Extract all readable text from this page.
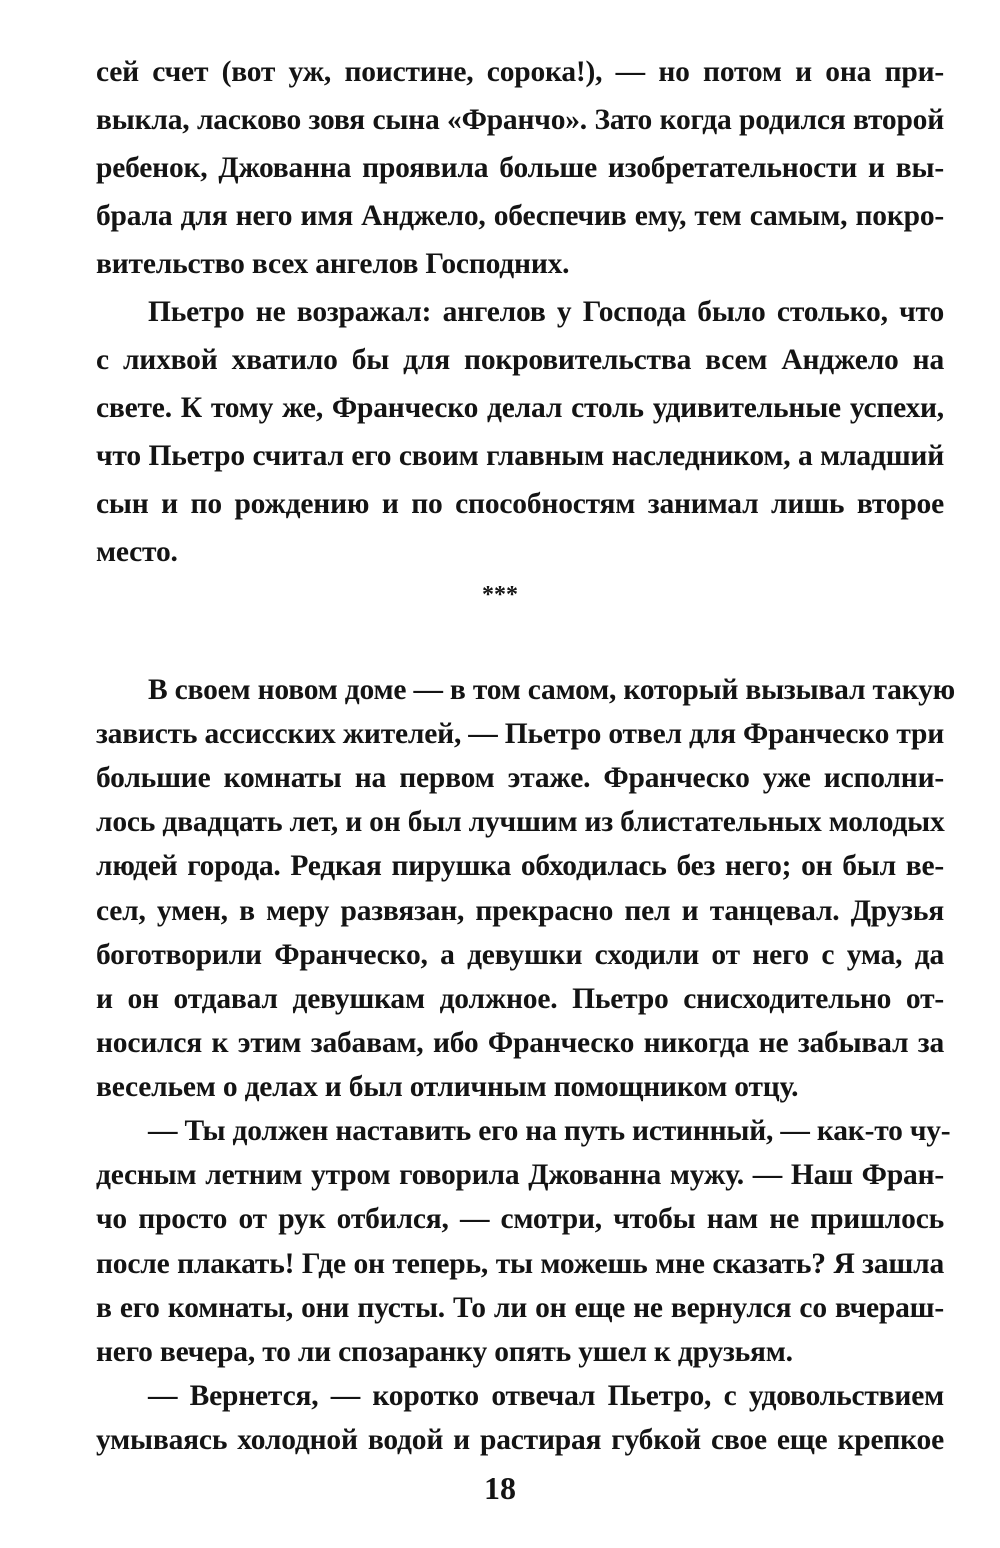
сей счет (вот уж, поистине, сорока!), — но потом и она при-
выкла, ласково зовя сына «Франчо». Зато когда родился второй
ребенок, Джованна проявила больше изобретательности и вы-
брала для него имя Анджело, обеспечив ему, тем самым, покро-
вительство всех ангелов Господних.
Пьетро не возражал: ангелов у Господа было столько, что
с лихвой хватило бы для покровительства всем Анджело на
свете. К тому же, Франческо делал столь удивительные успехи,
что Пьетро считал его своим главным наследником, а младший
сын и по рождению и по способностям занимал лишь второе
место.
***
В своем новом доме — в том самом, который вызывал такую
зависть ассисских жителей, — Пьетро отвел для Франческо три
большие комнаты на первом этаже. Франческо уже исполни-
лось двадцать лет, и он был лучшим из блистательных молодых
людей города. Редкая пирушка обходилась без него; он был ве-
сел, умен, в меру развязан, прекрасно пел и танцевал. Друзья
боготворили Франческо, а девушки сходили от него с ума, да
и он отдавал девушкам должное. Пьетро снисходительно от-
носился к этим забавам, ибо Франческо никогда не забывал за
весельем о делах и был отличным помощником отцу.
— Ты должен наставить его на путь истинный, — как-то чу-
десным летним утром говорила Джованна мужу. — Наш Фран-
чо просто от рук отбился, — смотри, чтобы нам не пришлось
после плакать! Где он теперь, ты можешь мне сказать? Я зашла
в его комнаты, они пусты. То ли он еще не вернулся со вчераш-
него вечера, то ли спозаранку опять ушел к друзьям.
— Вернется, — коротко отвечал Пьетро, с удовольствием
умываясь холодной водой и растирая губкой свое еще крепкое
18
